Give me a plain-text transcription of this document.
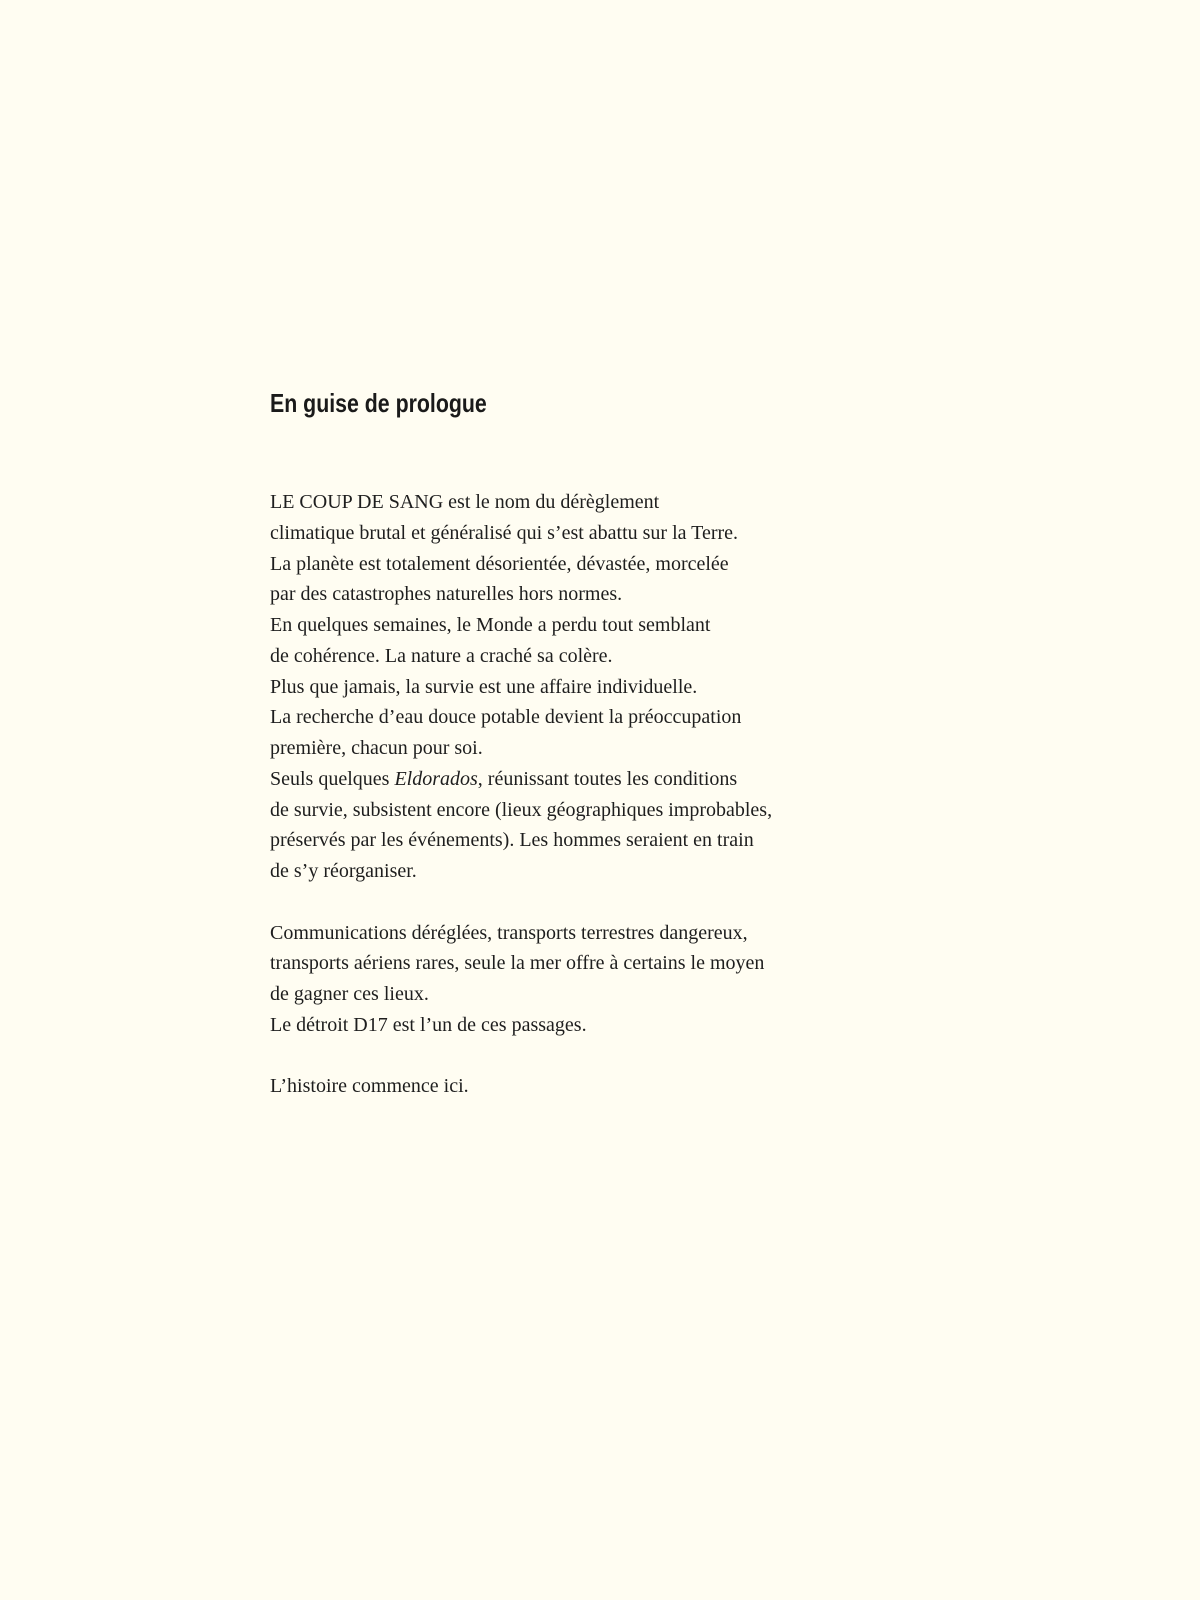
En guise de prologue
LE COUP DE SANG est le nom du dérèglement
climatique brutal et généralisé qui s’est abattu sur la Terre.
La planète est totalement désorientée, dévastée, morcelée
par des catastrophes naturelles hors normes.
En quelques semaines, le Monde a perdu tout semblant
de cohérence. La nature a craché sa colère.
Plus que jamais, la survie est une affaire individuelle.
La recherche d’eau douce potable devient la préoccupation
première, chacun pour soi.
Seuls quelques Eldorados, réunissant toutes les conditions
de survie, subsistent encore (lieux géographiques improbables,
préservés par les événements). Les hommes seraient en train
de s’y réorganiser.
Communications déréglées, transports terrestres dangereux,
transports aériens rares, seule la mer offre à certains le moyen
de gagner ces lieux.
Le détroit D17 est l’un de ces passages.
L’histoire commence ici.
